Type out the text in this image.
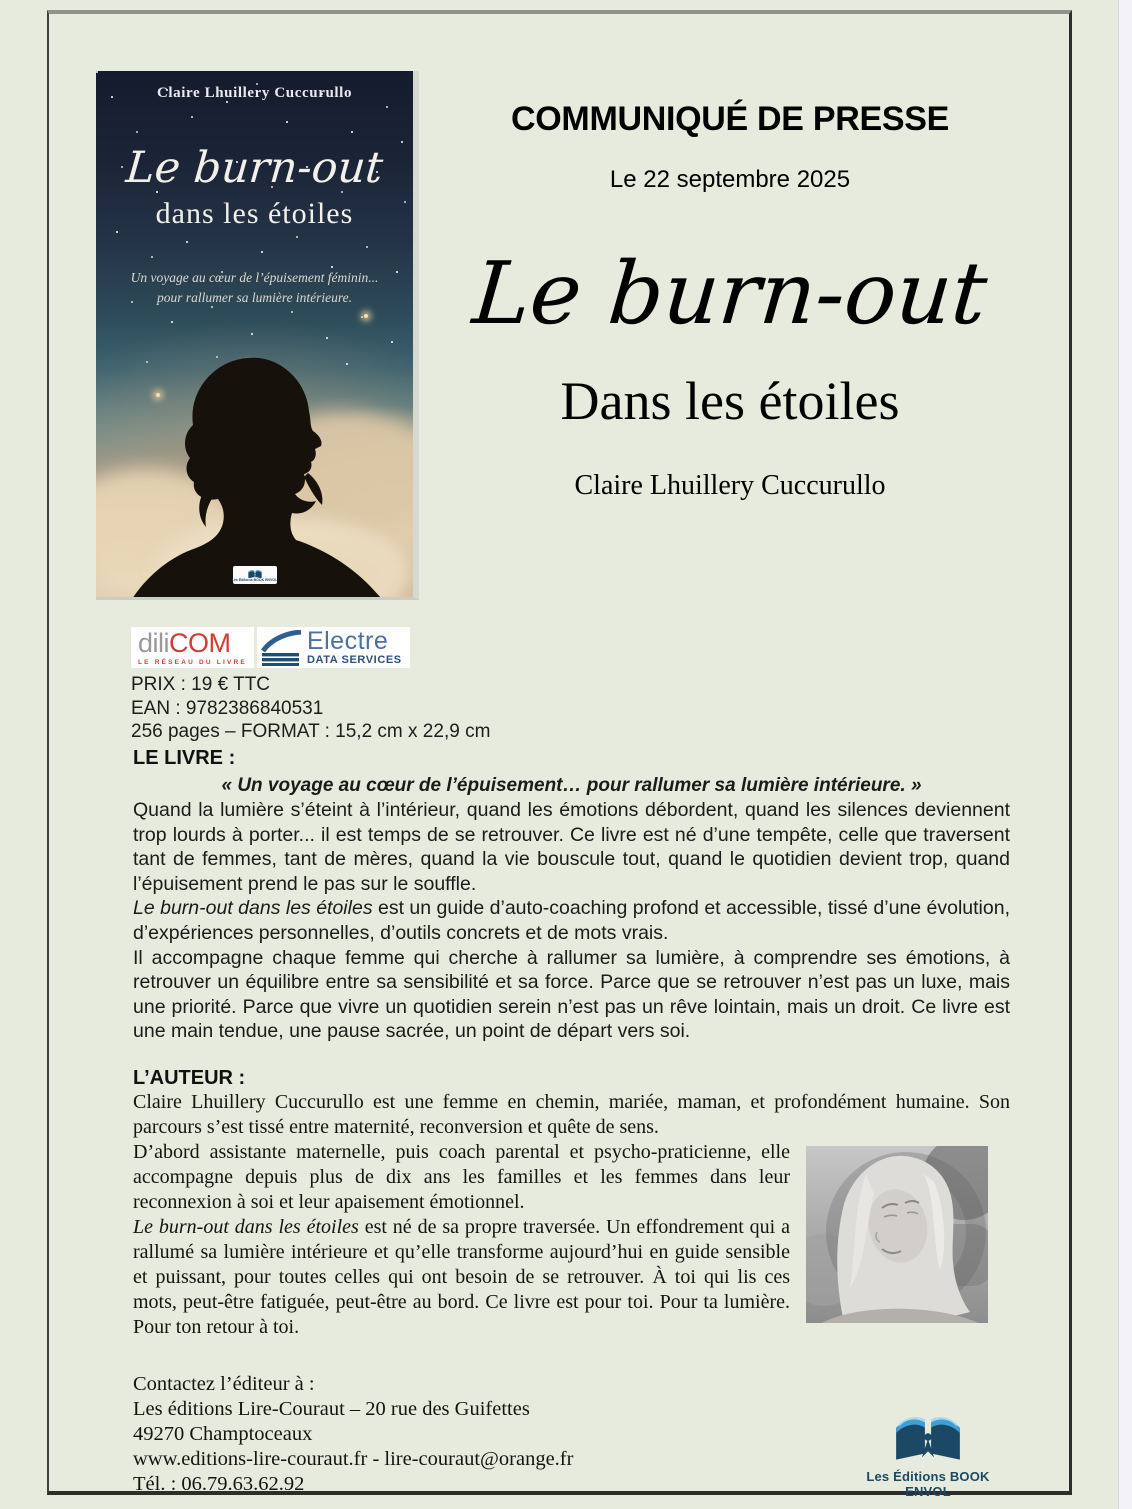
Claire Lhuillery Cuccurullo
Le burn-out
dans les étoiles
Un voyage au cœur de l’épuisement féminin...
pour rallumer sa lumière intérieure.
Les Éditions BOOK ENVOL
COMMUNIQUÉ DE PRESSE
Le 22 septembre 2025
Le burn-out
Dans les étoiles
Claire Lhuillery Cuccurullo
diliCOM
LE RÉSEAU DU LIVRE
Electre
DATA SERVICES
PRIX : 19 € TTC
EAN : 9782386840531
256 pages – FORMAT : 15,2 cm x 22,9 cm
LE LIVRE :
« Un voyage au cœur de l’épuisement… pour rallumer sa lumière intérieure. »
Quand la lumière s’éteint à l’intérieur, quand les émotions débordent, quand les silences deviennent trop lourds à porter... il est temps de se retrouver. Ce livre est né d’une tempête, celle que traversent tant de femmes, tant de mères, quand la vie bouscule tout, quand le quotidien devient trop, quand l’épuisement prend le pas sur le souffle.
Le burn-out dans les étoiles est un guide d’auto-coaching profond et accessible, tissé d’une évolution, d’expériences personnelles, d’outils concrets et de mots vrais.
Il accompagne chaque femme qui cherche à rallumer sa lumière, à comprendre ses émotions, à retrouver un équilibre entre sa sensibilité et sa force. Parce que se retrouver n’est pas un luxe, mais une priorité. Parce que vivre un quotidien serein n’est pas un rêve lointain, mais un droit. Ce livre est une main tendue, une pause sacrée, un point de départ vers soi.
L’AUTEUR :
Claire Lhuillery Cuccurullo est une femme en chemin, mariée, maman, et profondément humaine. Son parcours s’est tissé entre maternité, reconversion et quête de sens.
D’abord assistante maternelle, puis coach parental et psycho-praticienne, elle accompagne depuis plus de dix ans les familles et les femmes dans leur reconnexion à soi et leur apaisement émotionnel.
Le burn-out dans les étoiles est né de sa propre traversée. Un effondrement qui a rallumé sa lumière intérieure et qu’elle transforme aujourd’hui en guide sensible et puissant, pour toutes celles qui ont besoin de se retrouver. À toi qui lis ces mots, peut-être fatiguée, peut-être au bord. Ce livre est pour toi. Pour ta lumière. Pour ton retour à toi.
Contactez l’éditeur à :
Les éditions Lire-Couraut – 20 rue des Guifettes
49270 Champtoceaux
www.editions-lire-couraut.fr - lire-couraut@orange.fr
Tél. : 06.79.63.62.92	Les Éditions BOOK ENVOL
